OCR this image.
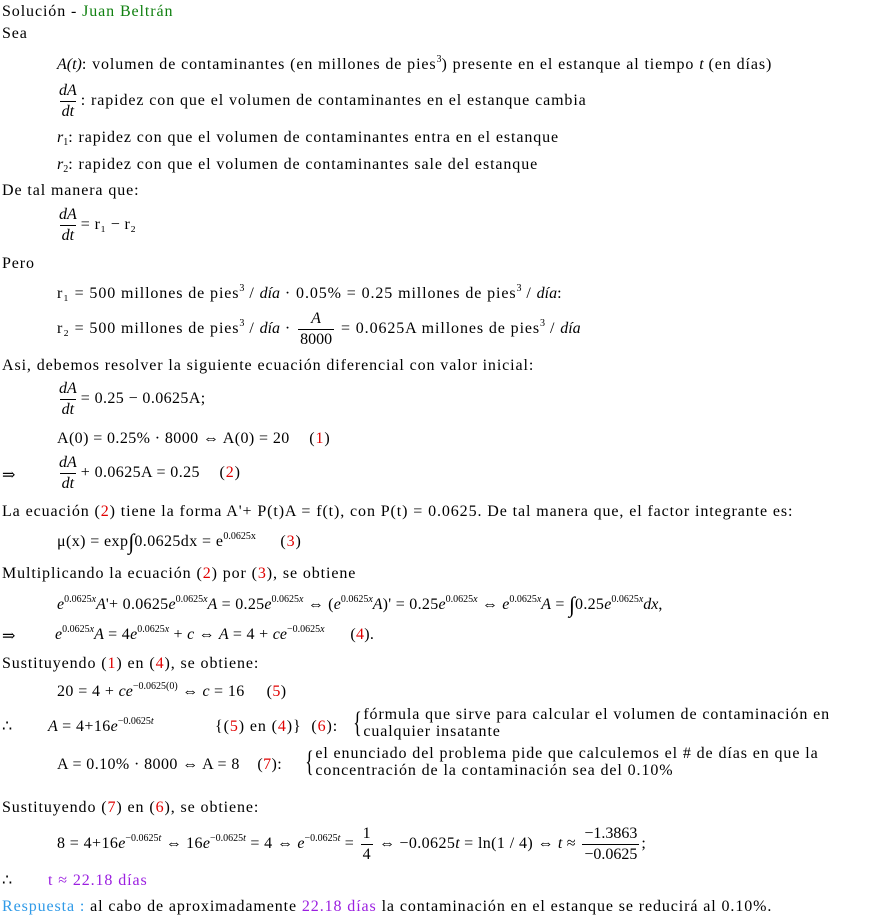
Solución - Juan Beltrán
Sea
A(t): volumen de contaminantes (en millones de pies$^3$) presente en el estanque al tiempo t (en días)
$\frac{dA}{dt}$ : rapidez con que el volumen de contaminantes en el estanque cambia
$r_1$: rapidez con que el volumen de contaminantes entra en el estanque
$r_2$: rapidez con que el volumen de contaminantes sale del estanque
De tal manera que:
$\frac{dA}{dt} = r_1 - r_2$
Pero
r₁ = 500 millones de pies$^3$ / día · 0.05% = 0.25 millones de pies$^3$ / día:
r₂ = 500 millones de pies$^3$ / día · $\frac{A}{8000} = 0.0625A$ millones de pies$^3$ / día
Asi, debemos resolver la siguiente ecuación diferencial con valor inicial:
$\frac{dA}{dt} = 0.25 - 0.0625A$;
A(0) = 0.25% · 8000 ⇔ A(0) = 20    (1)
⇒	$\frac{dA}{dt} + 0.0625A = 0.25$    (2)
La ecuación (2) tiene la forma A'+ P(t)A = f(t), con P(t) = 0.0625. De tal manera que, el factor integrante es:
$\mu(x) = \exp\int 0.0625dx = e^{0.0625x}$     (3)
Multiplicando la ecuación (2) por (3), se obtiene
$e^{0.0625x}A'+ 0.0625e^{0.0625x}A = 0.25e^{0.0625x}$ ⇔ $(e^{0.0625x}A)' = 0.25e^{0.0625x}$ ⇔ $e^{0.0625x}A = \int 0.25e^{0.0625x}dx$,
⇒ $e^{0.0625x}A = 4e^{0.0625x} + c$ ⇔ $A = 4 + ce^{-0.0625x}$      (4).
Sustituyendo (1) en (4), se obtiene:
$20 = 4 + ce^{-0.0625(0)}$ ⇔ c = 16     (5)
∴ $A = 4+16e^{-0.0625t}$	{(5) en (4)}  (6): {fórmula que sirve para calcular el volumen de contaminación en
cualquier insatante
A = 0.10% · 8000 ⇔ A = 8    (7): {el enunciado del problema pide que calculemos el # de días en que la
concentración de la contaminación sea del 0.10%
Sustituyendo (7) en (6), se obtiene:
$8 = 4+16e^{-0.0625t}$ ⇔ $16e^{-0.0625t} = 4$ ⇔ $e^{-0.0625t} = \frac{1}{4}$ ⇔ −0.0625t = ln(1 / 4) ⇔ $t \approx \frac{-1.3863}{-0.0625}$ ;
∴ t ≈ 22.18 días
Respuesta : al cabo de aproximadamente 22.18 días la contaminación en el estanque se reducirá al 0.10%.
